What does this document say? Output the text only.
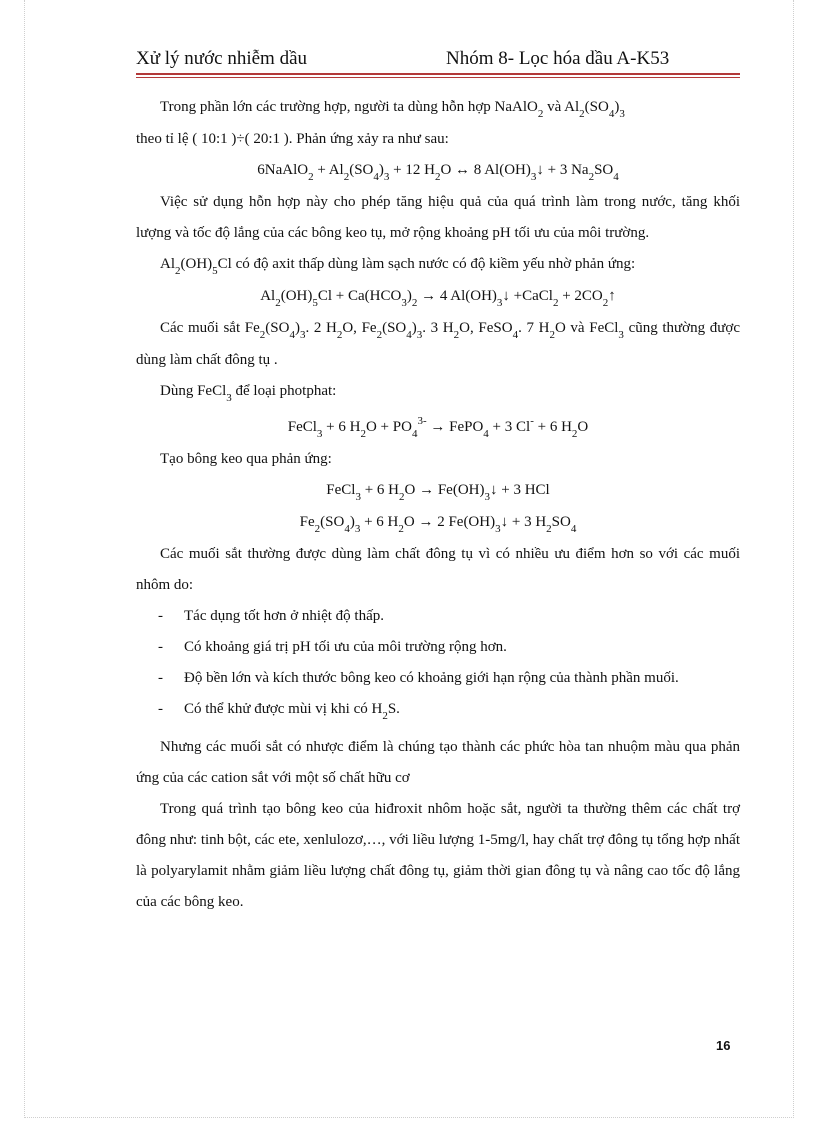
Xử lý nước nhiễm dầu	Nhóm 8- Lọc hóa dầu A-K53

Trong phần lớn các trường hợp, người ta dùng hỗn hợp NaAlO$_2$ và $Al_2(SO_4)_3$
theo tỉ lệ ( 10:1 )÷( 20:1 ). Phản ứng xảy ra như sau:

6NaAlO$_2$ + $Al_2(SO_4)_3 + 12$ $H_2O$ ↔ 8 $Al(OH)_3↓ + 3$ $Na_2SO_4$

Việc sử dụng hỗn hợp này cho phép tăng hiệu quả của quá trình làm trong nước, tăng khối lượng và tốc độ lắng của các bông keo tụ, mở rộng khoảng pH tối ưu của môi trường.

$Al_2(OH)_5Cl$ có độ axit thấp dùng làm sạch nước có độ kiềm yếu nhờ phản ứng:

$Al_2(OH)_5Cl + Ca(HCO_3)_2 \to 4$ $Al(OH)_3↓$ +CaCl$_2$ + $2CO_2↑$

Các muối sắt $Fe_2(SO_4)_3$. 2 $H_2O$, $Fe_2(SO_4)_3$. 3 $H_2O$, FeSO$_4$. 7 $H_2O$ và FeCl$_3$ cũng thường được dùng làm chất đông tụ .

Dùng FeCl$_3$ để loại photphat:

FeCl$_3$ + 6 $H_2O + PO_4^{3-}$ → FePO$_4$ + 3 Cl- + 6 $H_2O$

Tạo bông keo qua phản ứng:

FeCl$_3$ + 6 $H_2O$ → $Fe(OH)_3↓ + 3$ HCl

$Fe_2(SO_4)_3 + 6$ $H_2O \to 2$ $Fe(OH)_3↓ + 3$ $H_2SO_4$

Các muối sắt thường được dùng làm chất đông tụ vì có nhiều ưu điểm hơn so với các muối nhôm do:

- Tác dụng tốt hơn ở nhiệt độ thấp.
- Có khoảng giá trị pH tối ưu của môi trường rộng hơn.
- Độ bền lớn và kích thước bông keo có khoảng giới hạn rộng của thành phần muối.
- Có thể khử được mùi vị khi có $H_2S$.

Nhưng các muối sắt có nhược điểm là chúng tạo thành các phức hòa tan nhuộm màu qua phản ứng của các cation sắt với một số chất hữu cơ

Trong quá trình tạo bông keo của hiđroxit nhôm hoặc sắt, người ta thường thêm các chất trợ đông như: tinh bột, các ete, xenlulozơ,…, với liều lượng 1-5mg/l, hay chất trợ đông tụ tổng hợp nhất là polyarylamit nhằm giảm liều lượng chất đông tụ, giảm thời gian đông tụ và nâng cao tốc độ lắng của các bông keo.

16
